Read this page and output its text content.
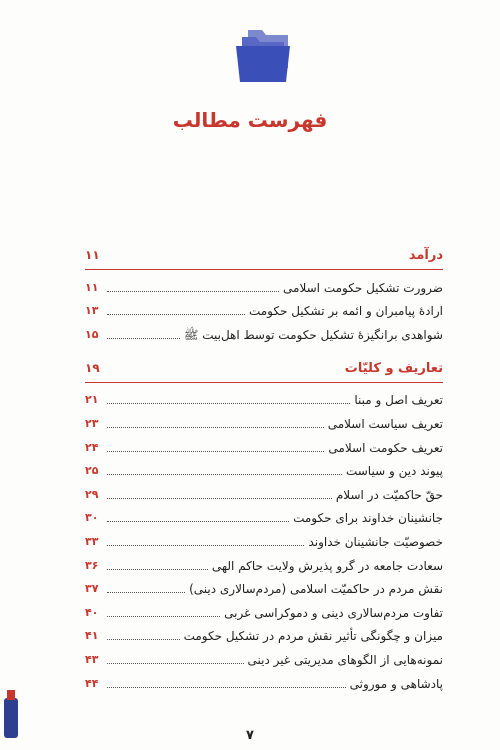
فهرست مطالب
درآمد
۱۱
ضرورت تشکیل حکومت اسلامی
۱۱
ارادهٔ پیامبران و ائمه بر تشکیل حکومت
۱۳
شواهدی برانگیزهٔ تشکیل حکومت توسط اهل‌بیت ﷺ
۱۵
تعاریف و کلیّات
۱۹
تعریف اصل و مبنا
۲۱
تعریف سیاست اسلامی
۲۳
تعریف حکومت اسلامی
۲۴
پیوند دین و سیاست
۲۵
حقّ حاکمیّت در اسلام
۲۹
جانشینان خداوند برای حکومت
۳۰
خصوصیّت جانشینان خداوند
۳۳
سعادت جامعه در گرو پذیرش ولایت حاکم الهی
۳۶
نقش مردم در حاکمیّت اسلامی (مردم‌سالاری دینی)
۳۷
تفاوت مردم‌سالاری دینی و دموکراسی غربی
۴۰
میزان و چگونگی تأثیر نقش مردم در تشکیل حکومت
۴۱
نمونه‌هایی از الگوهای مدیریتی غیر دینی
۴۳
پادشاهی و موروثی
۴۴
۷
